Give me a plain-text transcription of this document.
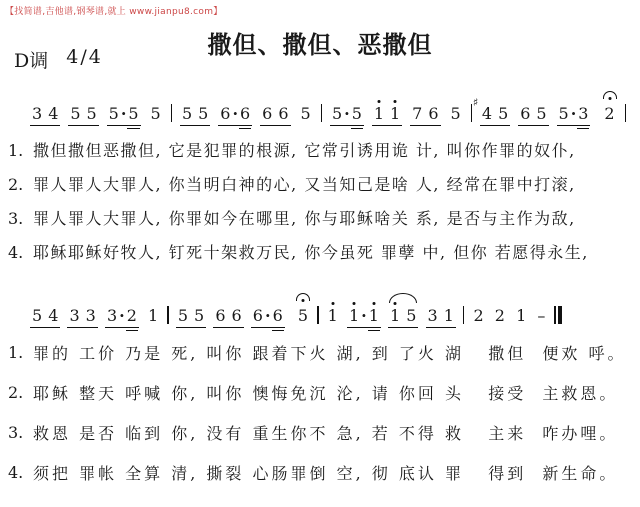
【找简谱,吉他谱,钢琴谱,就上 www.jianpu8.com】
撒但、撒但、恶撒但
D调 4/4
3 4 5 5 5 · 5 5 5 5 6 · 6 6 6 5 5 · 5 1 1 7 6 5
♯
4 5 6 5 5 · 3 2
1. 撒但撒但恶撒但, 它是犯罪的根源, 它常引诱用诡 计, 叫你作罪的奴仆,
2. 罪人罪人大罪人, 你当明白神的心, 又当知己是啥 人, 经常在罪中打滚,
3. 罪人罪人大罪人, 你罪如今在哪里, 你与耶稣啥关 系, 是否与主作为敌,
4. 耶稣耶稣好牧人, 钉死十架救万民, 你今虽死 罪孽 中, 但你 若愿得永生,
5 4 3 3 3 · 2 1 5 5 6 6 6 · 6 5 1 1 · 1 1 5 3 1 2 2 1 –
1. 罪的 工价 乃是 死, 叫你 跟着下火 湖, 到 了火 湖   撒但  便欢 呼。
2. 耶稣 整天 呼喊 你, 叫你 懊悔免沉 沦, 请 你回 头   接受  主救恩。
3. 救恩 是否 临到 你, 没有 重生你不 急, 若 不得 救   主来  咋办哩。
4. 须把 罪帐 全算 清, 撕裂 心肠罪倒 空, 彻 底认 罪   得到  新生命。
